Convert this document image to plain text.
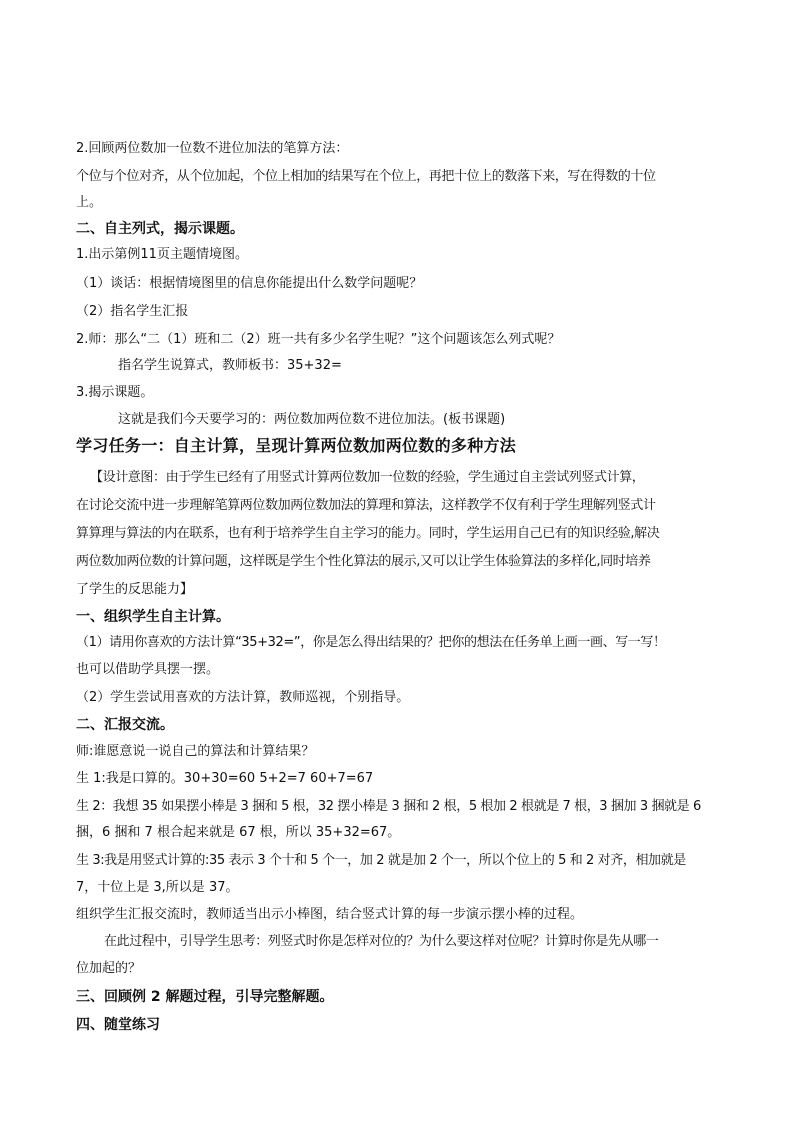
2.回顾两位数加一位数不进位加法的笔算方法：
个位与个位对齐，从个位加起，个位上相加的结果写在个位上，再把十位上的数落下来，写在得数的十位
上。
二、自主列式，揭示课题。
1.出示第例11页主题情境图。
（1）谈话：根据情境图里的信息你能提出什么数学问题呢？
（2）指名学生汇报
2.师：那么“二（1）班和二（2）班一共有多少名学生呢？”这个问题该怎么列式呢？
指名学生说算式，教师板书：35+32=
3.揭示课题。
这就是我们今天要学习的：两位数加两位数不进位加法。(板书课题)
学习任务一：自主计算，呈现计算两位数加两位数的多种方法
【设计意图：由于学生已经有了用竖式计算两位数加一位数的经验，学生通过自主尝试列竖式计算，
在讨论交流中进一步理解笔算两位数加两位数加法的算理和算法，这样教学不仅有利于学生理解列竖式计
算算理与算法的内在联系，也有利于培养学生自主学习的能力。同时，学生运用自己已有的知识经验,解决
两位数加两位数的计算问题，这样既是学生个性化算法的展示,又可以让学生体验算法的多样化,同时培养
了学生的反思能力】
一、组织学生自主计算。
（1）请用你喜欢的方法计算“35+32=”，你是怎么得出结果的？把你的想法在任务单上画一画、写一写！
也可以借助学具摆一摆。
（2）学生尝试用喜欢的方法计算，教师巡视，个别指导。
二、汇报交流。
师:谁愿意说一说自己的算法和计算结果？
生 1:我是口算的。30+30=60 5+2=7 60+7=67
生 2：我想 35 如果摆小棒是 3 捆和 5 根，32 摆小棒是 3 捆和 2 根，5 根加 2 根就是 7 根，3 捆加 3 捆就是 6
捆，6 捆和 7 根合起来就是 67 根，所以 35+32=67。
生 3:我是用竖式计算的:35 表示 3 个十和 5 个一，加 2 就是加 2 个一，所以个位上的 5 和 2 对齐，相加就是
7，十位上是 3,所以是 37。
组织学生汇报交流时，教师适当出示小棒图，结合竖式计算的每一步演示摆小棒的过程。
在此过程中，引导学生思考：列竖式时你是怎样对位的？为什么要这样对位呢？计算时你是先从哪一
位加起的？
三、回顾例 2 解题过程，引导完整解题。
四、随堂练习
